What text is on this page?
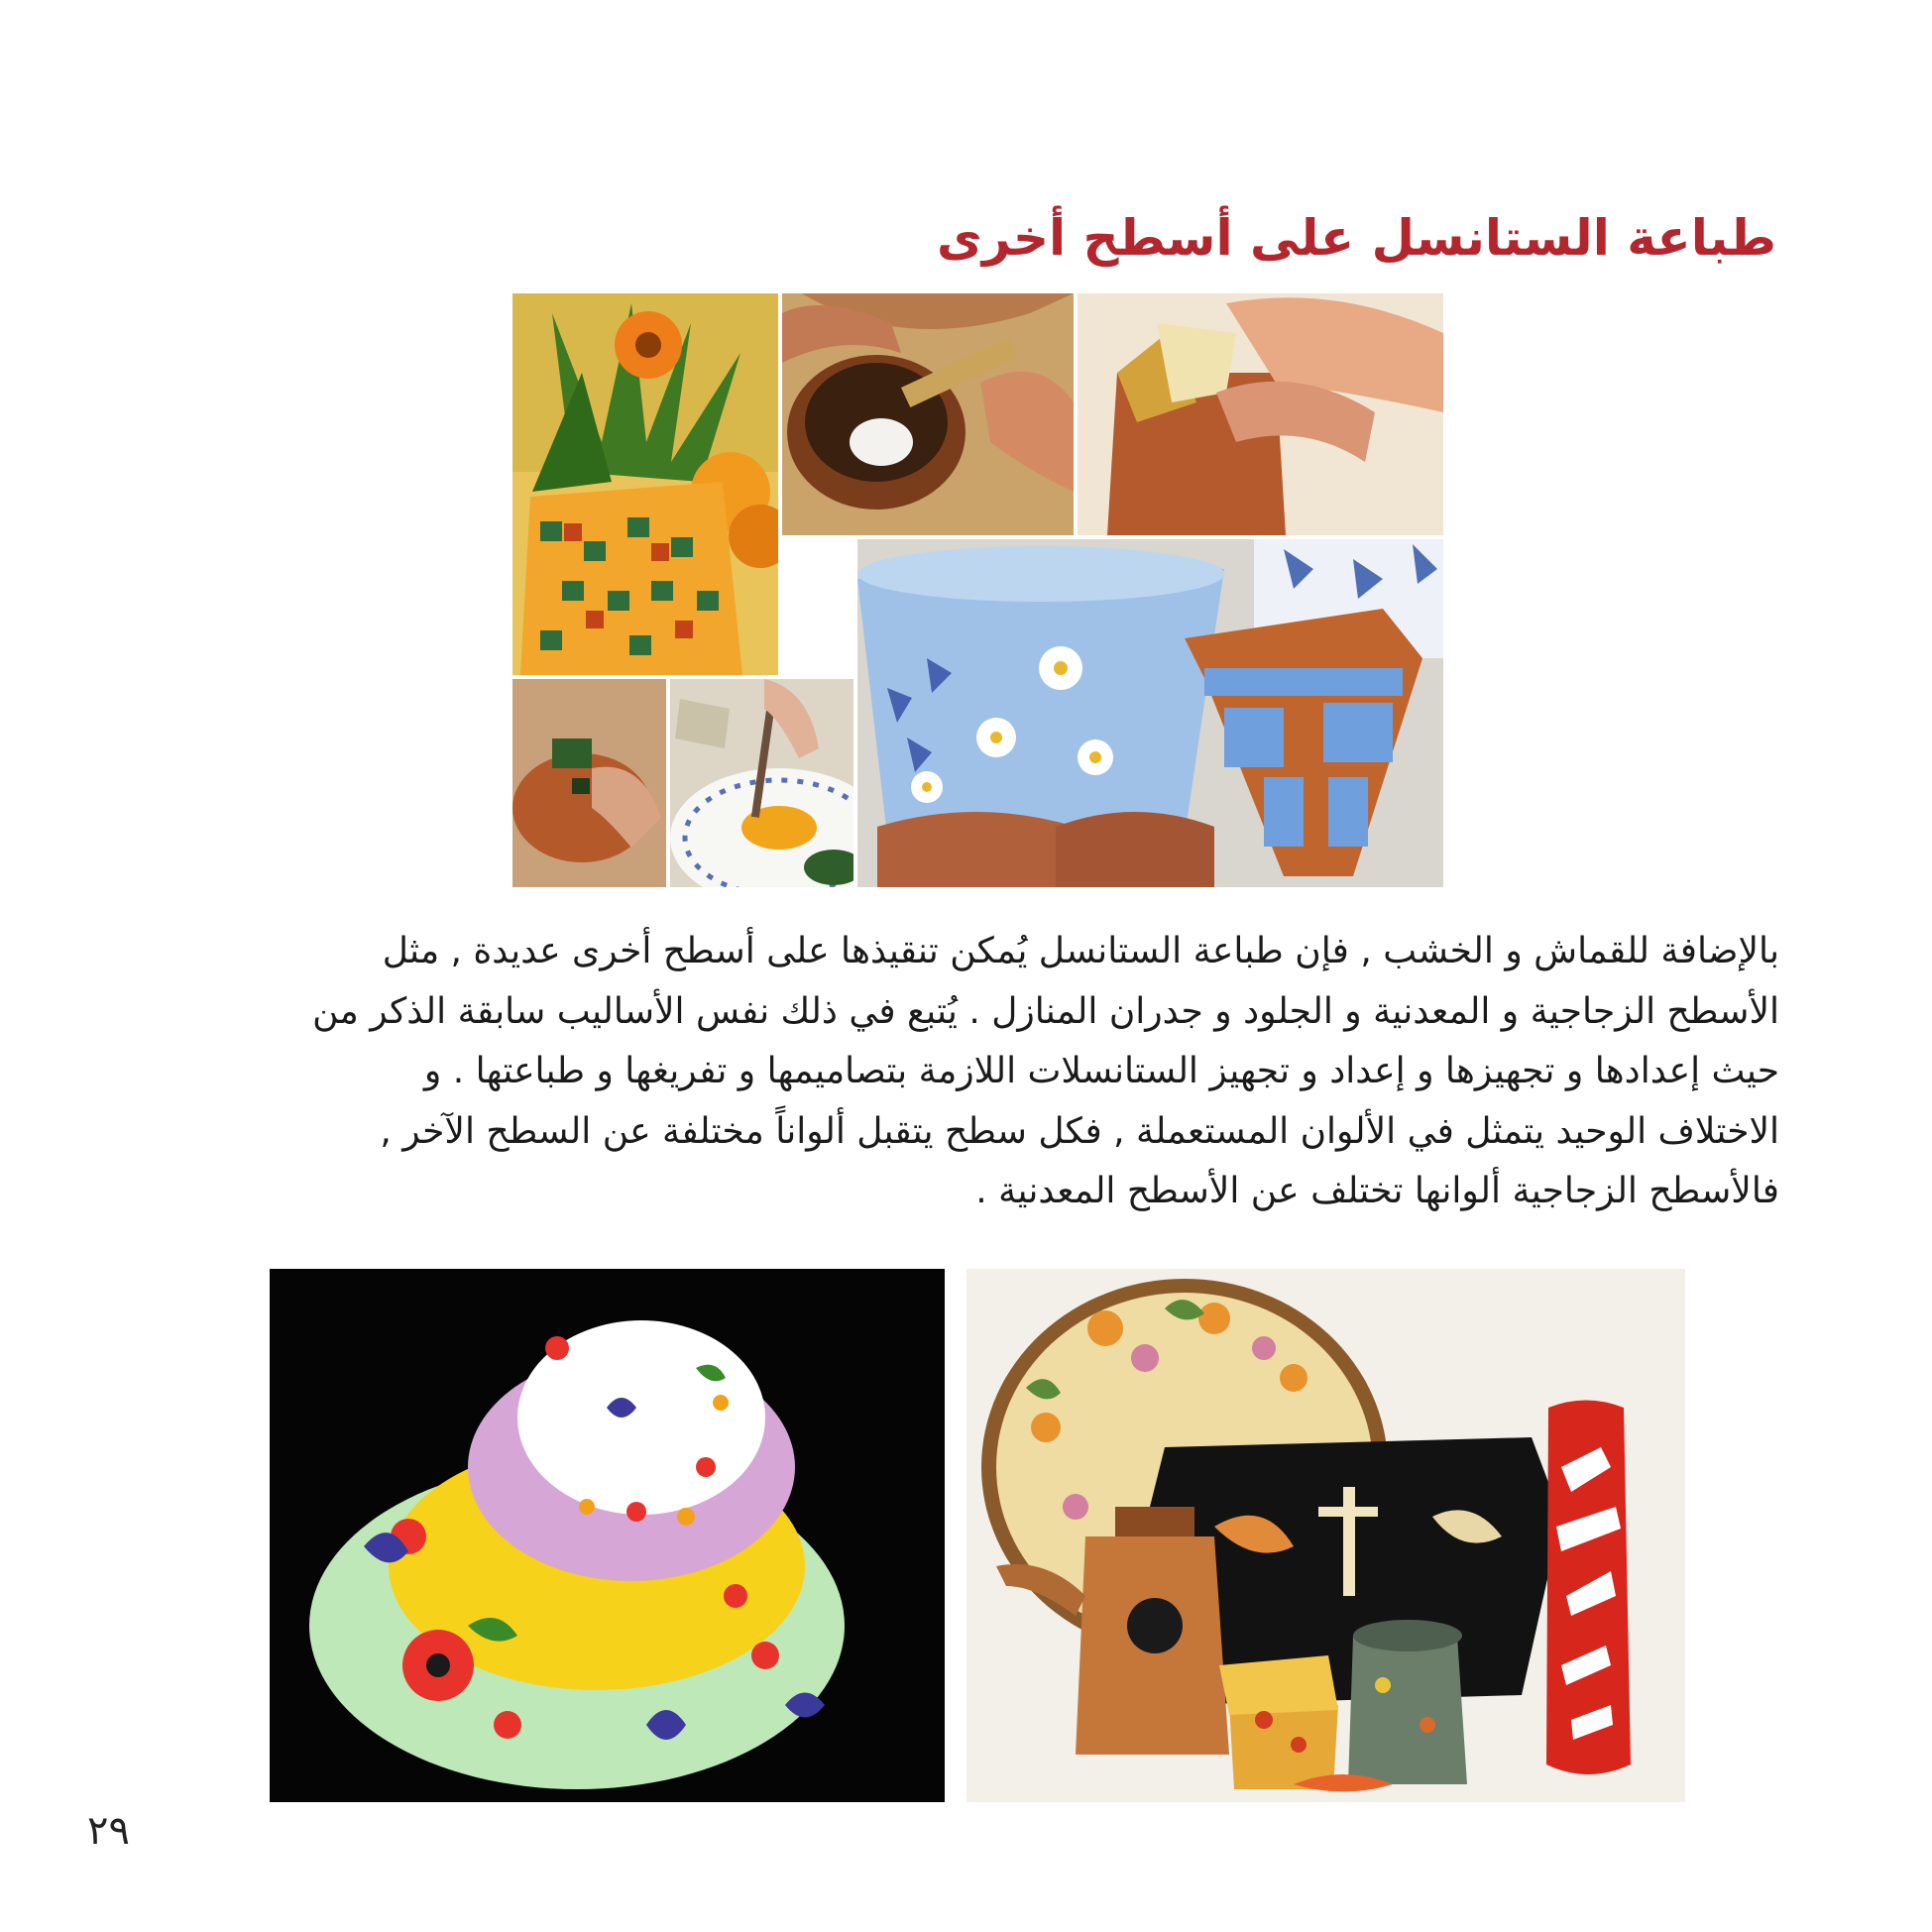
طباعة الستانسل على أسطح أخرى

بالإضافة للقماش و الخشب , فإن طباعة الستانسل يُمكن تنقيذها على أسطح أخرى عديدة , مثل
الأسطح الزجاجية و المعدنية و الجلود و جدران المنازل . يُتبع في ذلك نفس الأساليب سابقة الذكر من
حيث إعدادها و تجهيزها و إعداد و تجهيز الستانسلات اللازمة بتصاميمها و تفريغها و طباعتها . و
الاختلاف الوحيد يتمثل في الألوان المستعملة , فكل سطح يتقبل ألواناً مختلفة عن السطح الآخر ,
فالأسطح الزجاجية ألوانها تختلف عن الأسطح المعدنية .

٢٩
